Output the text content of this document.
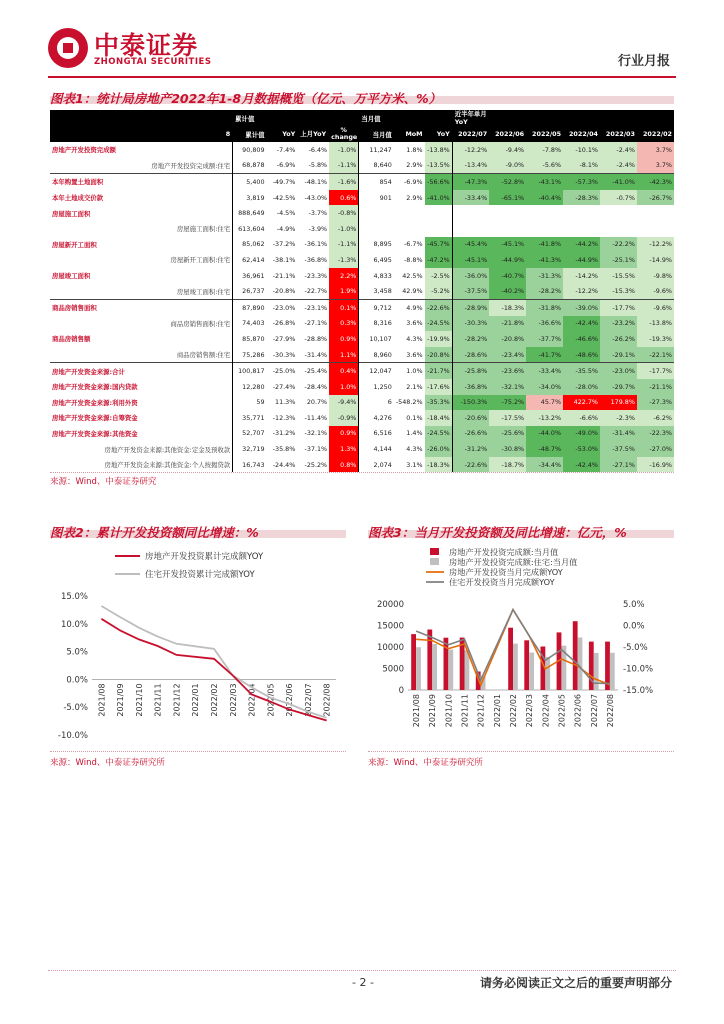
中泰证券
ZHONGTAI SECURITIES	行业月报
图表1：统计局房地产2022年1-8月数据概览（亿元、万平方米、%）
	累计值				当月值			近半年单月YoY					
8	累计值	YoY	上月YoY	% change	当月值	MoM	YoY	2022/07	2022/06	2022/05	2022/04	2022/03	2022/02
房地产开发投资完成额	90,809	-7.4%	-6.4%	-1.0%	11,247	1.8%	-13.8%	-12.2%	-9.4%	-7.8%	-10.1%	-2.4%	3.7%
房地产开发投资完成额:住宅	68,878	-6.9%	-5.8%	-1.1%	8,640	2.9%	-13.5%	-13.4%	-9.0%	-5.6%	-8.1%	-2.4%	3.7%
本年购置土地面积	5,400	-49.7%	-48.1%	-1.6%	854	-6.9%	-56.6%	-47.3%	-52.8%	-43.1%	-57.3%	-41.0%	-42.3%
本年土地成交价款	3,819	-42.5%	-43.0%	0.6%	901	2.9%	-41.0%	-33.4%	-65.1%	-40.4%	-28.3%	-0.7%	-26.7%
房屋施工面积	888,649	-4.5%	-3.7%	-0.8%									
房屋施工面积:住宅	613,604	-4.9%	-3.9%	-1.0%									
房屋新开工面积	85,062	-37.2%	-36.1%	-1.1%	8,895	-6.7%	-45.7%	-45.4%	-45.1%	-41.8%	-44.2%	-22.2%	-12.2%
房屋新开工面积:住宅	62,414	-38.1%	-36.8%	-1.3%	6,495	-8.8%	-47.2%	-45.1%	-44.9%	-41.3%	-44.9%	-25.1%	-14.9%
房屋竣工面积	36,961	-21.1%	-23.3%	2.2%	4,833	42.5%	-2.5%	-36.0%	-40.7%	-31.3%	-14.2%	-15.5%	-9.8%
房屋竣工面积:住宅	26,737	-20.8%	-22.7%	1.9%	3,458	42.9%	-5.2%	-37.5%	-40.2%	-28.2%	-12.2%	-15.3%	-9.6%
商品房销售面积	87,890	-23.0%	-23.1%	0.1%	9,712	4.9%	-22.6%	-28.9%	-18.3%	-31.8%	-39.0%	-17.7%	-9.6%
商品房销售面积:住宅	74,403	-26.8%	-27.1%	0.3%	8,316	3.6%	-24.5%	-30.3%	-21.8%	-36.6%	-42.4%	-23.2%	-13.8%
商品房销售额	85,870	-27.9%	-28.8%	0.9%	10,107	4.3%	-19.9%	-28.2%	-20.8%	-37.7%	-46.6%	-26.2%	-19.3%
商品房销售额:住宅	75,286	-30.3%	-31.4%	1.1%	8,960	3.6%	-20.8%	-28.6%	-23.4%	-41.7%	-48.6%	-29.1%	-22.1%
房地产开发资金来源:合计	100,817	-25.0%	-25.4%	0.4%	12,047	1.0%	-21.7%	-25.8%	-23.6%	-33.4%	-35.5%	-23.0%	-17.7%
房地产开发资金来源:国内贷款	12,280	-27.4%	-28.4%	1.0%	1,250	2.1%	-17.6%	-36.8%	-32.1%	-34.0%	-28.0%	-29.7%	-21.1%
房地产开发资金来源:利用外资	59	11.3%	20.7%	-9.4%	6	-548.2%	-35.3%	-150.3%	-75.2%	45.7%	422.7%	179.8%	-27.3%
房地产开发资金来源:自筹资金	35,771	-12.3%	-11.4%	-0.9%	4,276	0.1%	-18.4%	-20.6%	-17.5%	-13.2%	-6.6%	-2.3%	-6.2%
房地产开发资金来源:其他资金	52,707	-31.2%	-32.1%	0.9%	6,516	1.4%	-24.5%	-26.6%	-25.6%	-44.0%	-49.0%	-31.4%	-22.3%
房地产开发资金来源:其他资金:定金及预收款	32,719	-35.8%	-37.1%	1.3%	4,144	4.3%	-26.0%	-31.2%	-30.8%	-48.7%	-53.0%	-37.5%	-27.0%
房地产开发资金来源:其他资金:个人按揭贷款	16,743	-24.4%	-25.2%	0.8%	2,074	3.1%	-18.3%	-22.6%	-18.7%	-34.4%	-42.4%	-27.1%	-16.9%
来源：Wind、中泰证券研究
图表2：累计开发投资额同比增速：%
房地产开发投资累计完成额YOY
住宅开发投资累计完成额YOY
15.0%
10.0%
5.0%
0.0%
-5.0%
-10.0%
2021/08 2021/09 2021/10 2021/11 2021/12 2022/01 2022/02 2022/03 2022/04 2022/05 2022/06 2022/07 2022/08
来源：Wind、中泰证券研究所
图表3：当月开发投资额及同比增速：亿元，%
房地产开发投资完成额:当月值
房地产开发投资完成额:住宅:当月值
房地产开发投资当月完成额YOY
住宅开发投资当月完成额YOY
20000
15000
10000
5000
0
5.0%
0.0%
-5.0%
-10.0%
-15.0%
2021/08 2021/09 2021/10 2021/11 2021/12 2022/01 2022/02 2022/03 2022/04 2022/05 2022/06 2022/07 2022/08
来源：Wind、中泰证券研究所
- 2 -	请务必阅读正文之后的重要声明部分
